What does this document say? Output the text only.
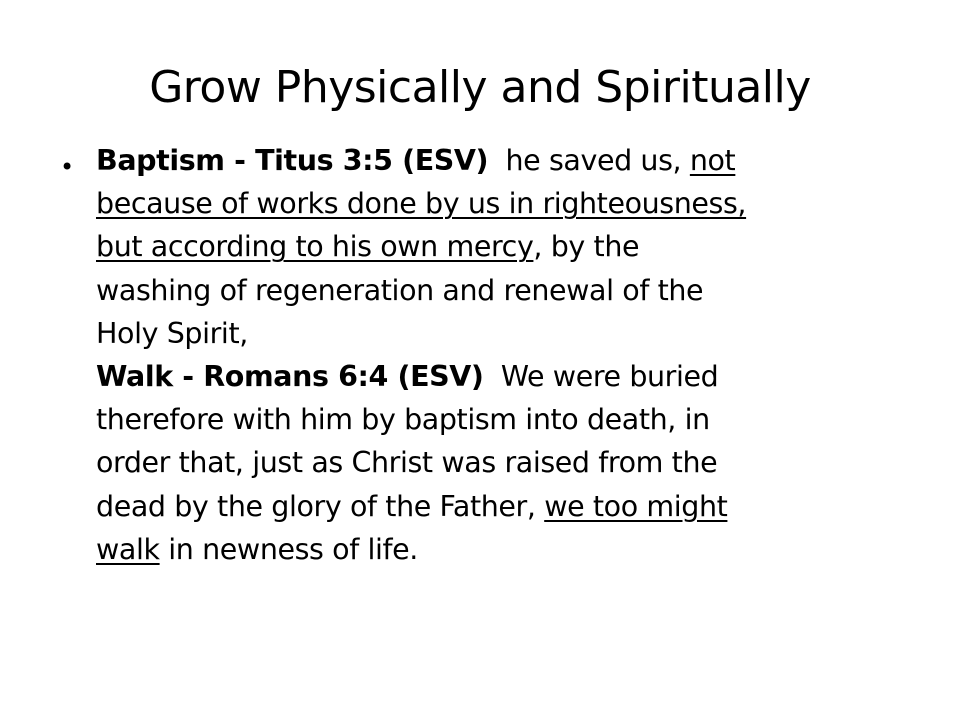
Grow Physically and Spiritually
• Baptism - Titus 3:5 (ESV)  he saved us, not
because of works done by us in righteousness,
but according to his own mercy, by the
washing of regeneration and renewal of the
Holy Spirit,
Walk - Romans 6:4 (ESV)  We were buried
therefore with him by baptism into death, in
order that, just as Christ was raised from the
dead by the glory of the Father, we too might
walk in newness of life.
